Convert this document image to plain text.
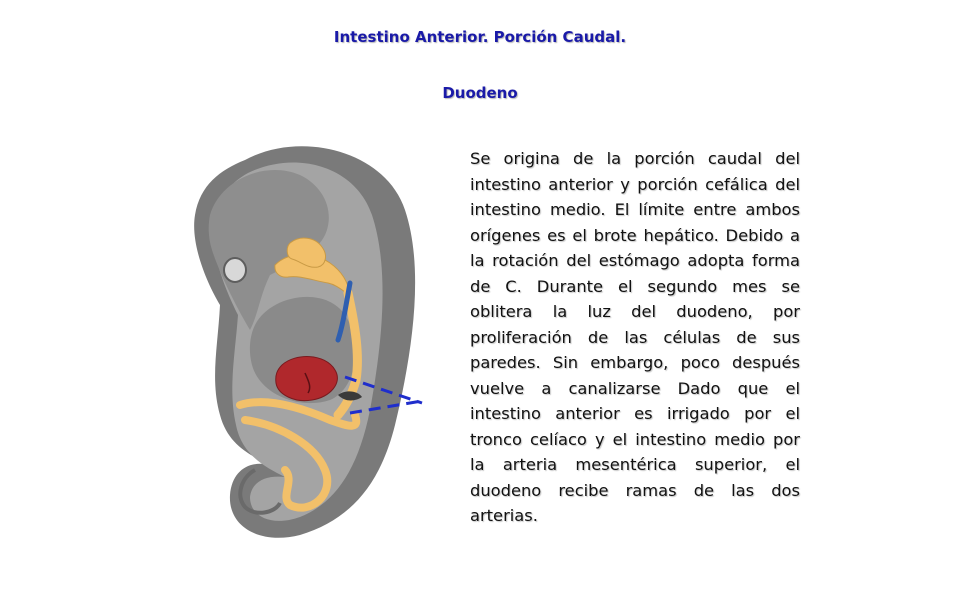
Intestino Anterior. Porción Caudal.
Duodeno
Se origina de la porción caudal del intestino anterior y porción cefálica del intestino medio. El límite entre ambos orígenes es el brote hepático. Debido a la rotación del estómago adopta forma de C. Durante el segundo mes se oblitera la luz del duodeno, por proliferación de las células de sus paredes. Sin embargo, poco después vuelve a canalizarse Dado que el intestino anterior es irrigado por el tronco celíaco y el intestino medio por la arteria mesentérica superior, el duodeno recibe ramas de las dos arterias.
